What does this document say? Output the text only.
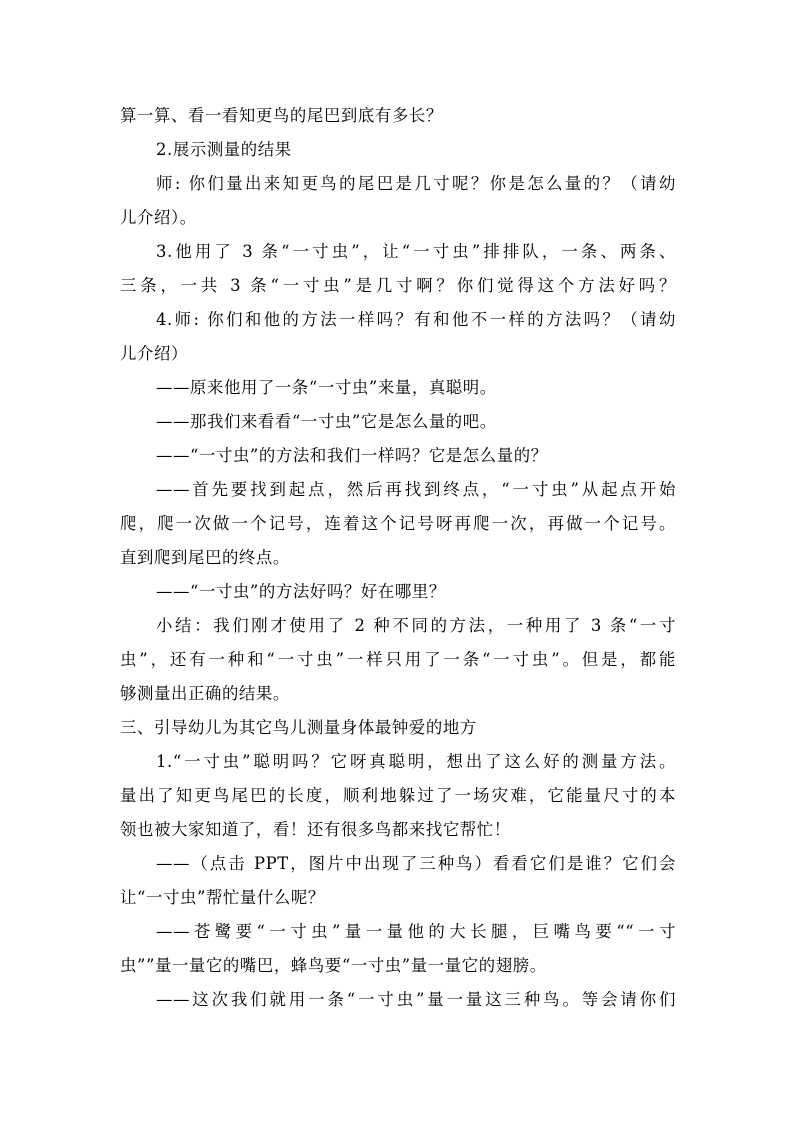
算一算、看一看知更鸟的尾巴到底有多长？
2.展示测量的结果
师: 你们量出来知更鸟的尾巴是几寸呢？你是怎么量的？（请幼
儿介绍）。
3.他用了 3 条“一寸虫”，让“一寸虫”排排队，一条、两条、
三条，一共 3 条“一寸虫”是几寸啊？你们觉得这个方法好吗？
4.师: 你们和他的方法一样吗？有和他不一样的方法吗？（请幼
儿介绍）
——原来他用了一条“一寸虫”来量，真聪明。
——那我们来看看“一寸虫”它是怎么量的吧。
——“一寸虫”的方法和我们一样吗？它是怎么量的？
——首先要找到起点，然后再找到终点，“一寸虫”从起点开始
爬，爬一次做一个记号，连着这个记号呀再爬一次，再做一个记号。
直到爬到尾巴的终点。
——“一寸虫”的方法好吗？好在哪里？
小结：我们刚才使用了 2 种不同的方法，一种用了 3 条“一寸
虫”，还有一种和“一寸虫”一样只用了一条“一寸虫”。但是，都能
够测量出正确的结果。
三、引导幼儿为其它鸟儿测量身体最钟爱的地方
1.“一寸虫”聪明吗？它呀真聪明，想出了这么好的测量方法。
量出了知更鸟尾巴的长度，顺利地躲过了一场灾难，它能量尺寸的本
领也被大家知道了，看！还有很多鸟都来找它帮忙！
——（点击 PPT，图片中出现了三种鸟）看看它们是谁？它们会
让“一寸虫”帮忙量什么呢？
——苍鹭要“一寸虫”量一量他的大长腿，巨嘴鸟要““一寸
虫””量一量它的嘴巴，蜂鸟要“一寸虫”量一量它的翅膀。
——这次我们就用一条“一寸虫”量一量这三种鸟。等会请你们
